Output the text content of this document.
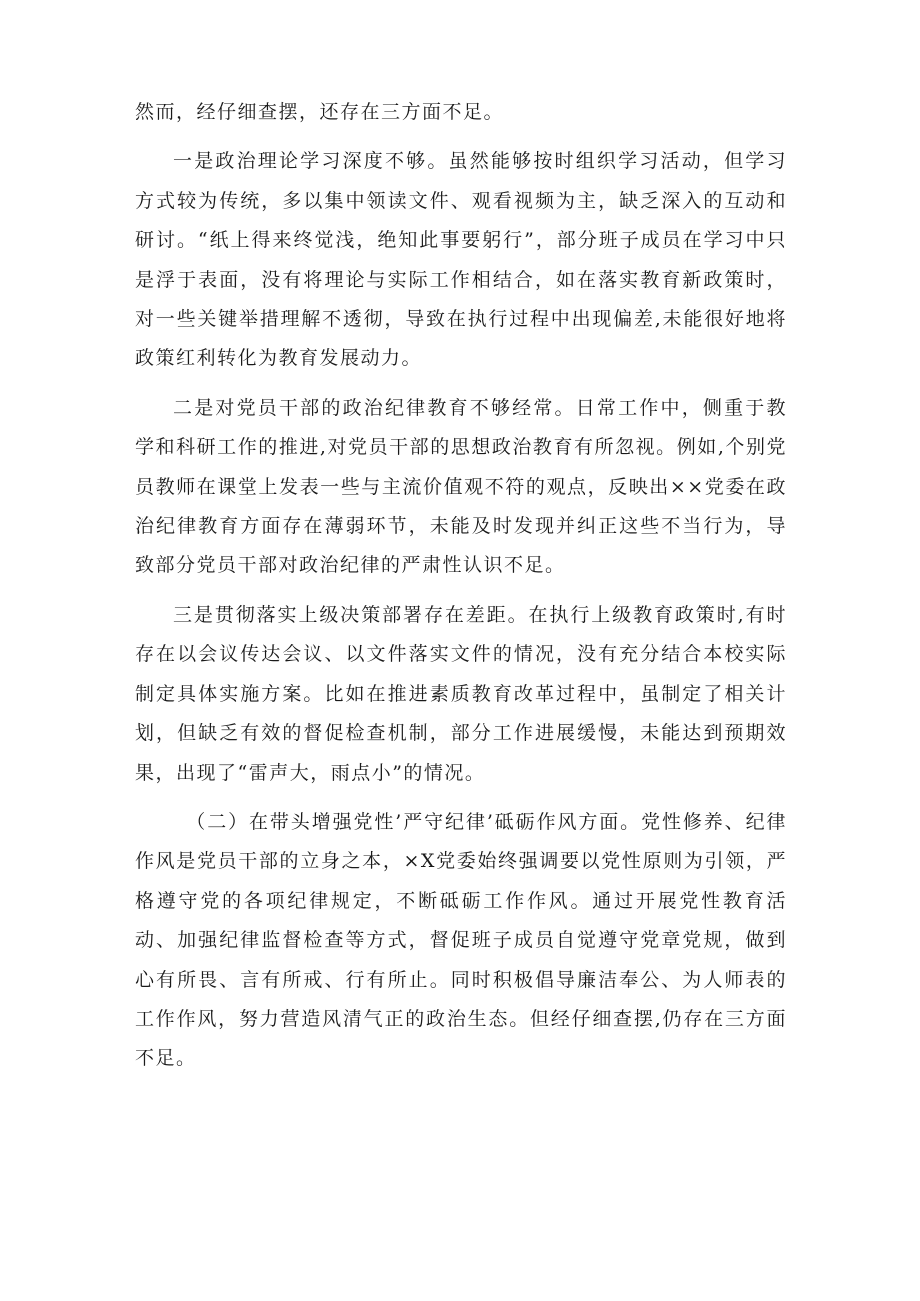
然而，经仔细查摆，还存在三方面不足。

一是政治理论学习深度不够。虽然能够按时组织学习活动，但学习方式较为传统，多以集中领读文件、观看视频为主，缺乏深入的互动和研讨。“纸上得来终觉浅，绝知此事要躬行”，部分班子成员在学习中只是浮于表面，没有将理论与实际工作相结合，如在落实教育新政策时，对一些关键举措理解不透彻，导致在执行过程中出现偏差,未能很好地将政策红利转化为教育发展动力。

二是对党员干部的政治纪律教育不够经常。日常工作中，侧重于教学和科研工作的推进,对党员干部的思想政治教育有所忽视。例如,个别党员教师在课堂上发表一些与主流价值观不符的观点，反映出××党委在政治纪律教育方面存在薄弱环节，未能及时发现并纠正这些不当行为，导致部分党员干部对政治纪律的严肃性认识不足。

三是贯彻落实上级决策部署存在差距。在执行上级教育政策时,有时存在以会议传达会议、以文件落实文件的情况，没有充分结合本校实际制定具体实施方案。比如在推进素质教育改革过程中，虽制定了相关计划，但缺乏有效的督促检查机制，部分工作进展缓慢，未能达到预期效果，出现了“雷声大，雨点小”的情况。

（二）在带头增强党性’严守纪律’砥砺作风方面。党性修养、纪律作风是党员干部的立身之本，×X党委始终强调要以党性原则为引领，严格遵守党的各项纪律规定，不断砥砺工作作风。通过开展党性教育活动、加强纪律监督检查等方式，督促班子成员自觉遵守党章党规，做到心有所畏、言有所戒、行有所止。同时积极倡导廉洁奉公、为人师表的工作作风，努力营造风清气正的政治生态。但经仔细查摆,仍存在三方面不足。
